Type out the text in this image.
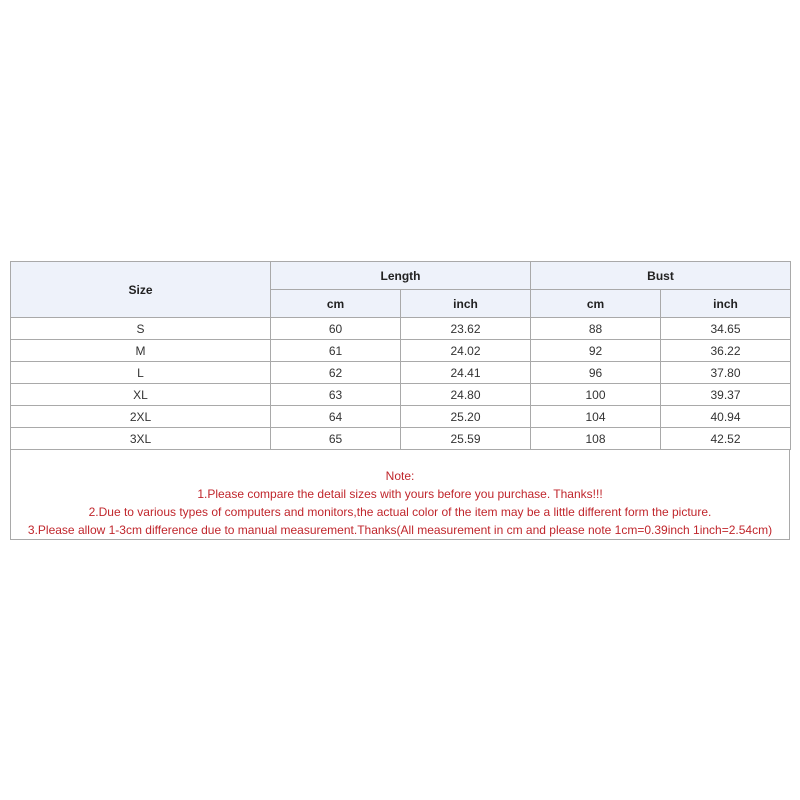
Size	Length		Bust	
	cm	inch	cm	inch
S	60	23.62	88	34.65
M	61	24.02	92	36.22
L	62	24.41	96	37.80
XL	63	24.80	100	39.37
2XL	64	25.20	104	40.94
3XL	65	25.59	108	42.52
Note:
1.Please compare the detail sizes with yours before you purchase. Thanks!!!
2.Due to various types of computers and monitors,the actual color of the item may be a little different form the picture.
3.Please allow 1-3cm difference due to manual measurement.Thanks(All measurement in cm and please note 1cm=0.39inch 1inch=2.54cm)
